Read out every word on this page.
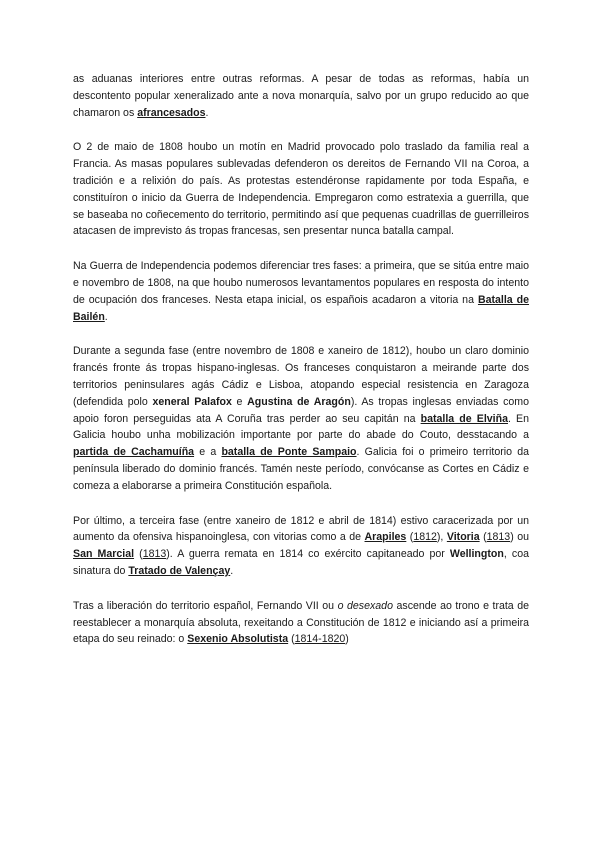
as aduanas interiores entre outras reformas. A pesar de todas as reformas, había un descontento popular xeneralizado ante a nova monarquía, salvo por un grupo reducido ao que chamaron os afrancesados.

O 2 de maio de 1808 houbo un motín en Madrid provocado polo traslado da familia real a Francia. As masas populares sublevadas defenderon os dereitos de Fernando VII na Coroa, a tradición e a relixión do país. As protestas estendéronse rapidamente por toda España, e constituíron o inicio da Guerra de Independencia. Empregaron como estratexia a guerrilla, que se baseaba no coñecemento do territorio, permitindo así que pequenas cuadrillas de guerrilleiros atacasen de imprevisto ás tropas francesas, sen presentar nunca batalla campal.

Na Guerra de Independencia podemos diferenciar tres fases: a primeira, que se sitúa entre maio e novembro de 1808, na que houbo numerosos levantamentos populares en resposta do intento de ocupación dos franceses. Nesta etapa inicial, os españois acadaron a vitoria na Batalla de Bailén.

Durante a segunda fase (entre novembro de 1808 e xaneiro de 1812), houbo un claro dominio francés fronte ás tropas hispano-inglesas. Os franceses conquistaron a meirande parte dos territorios peninsulares agás Cádiz e Lisboa, atopando especial resistencia en Zaragoza (defendida polo xeneral Palafox e Agustina de Aragón). As tropas inglesas enviadas como apoio foron perseguidas ata A Coruña tras perder ao seu capitán na batalla de Elviña. En Galicia houbo unha mobilización importante por parte do abade do Couto, desstacando a partida de Cachamuíña e a batalla de Ponte Sampaio. Galicia foi o primeiro territorio da península liberado do dominio francés. Tamén neste período, convócanse as Cortes en Cádiz e comeza a elaborarse a primeira Constitución española.

Por último, a terceira fase (entre xaneiro de 1812 e abril de 1814) estivo caracerizada por un aumento da ofensiva hispanoinglesa, con vitorias como a de Arapiles (1812), Vitoria (1813) ou San Marcial (1813). A guerra remata en 1814 co exército capitaneado por Wellington, coa sinatura do Tratado de Valençay.

Tras a liberación do territorio español, Fernando VII ou o desexado ascende ao trono e trata de reestablecer a monarquía absoluta, rexeitando a Constitución de 1812 e iniciando así a primeira etapa do seu reinado: o Sexenio Absolutista (1814-1820)
